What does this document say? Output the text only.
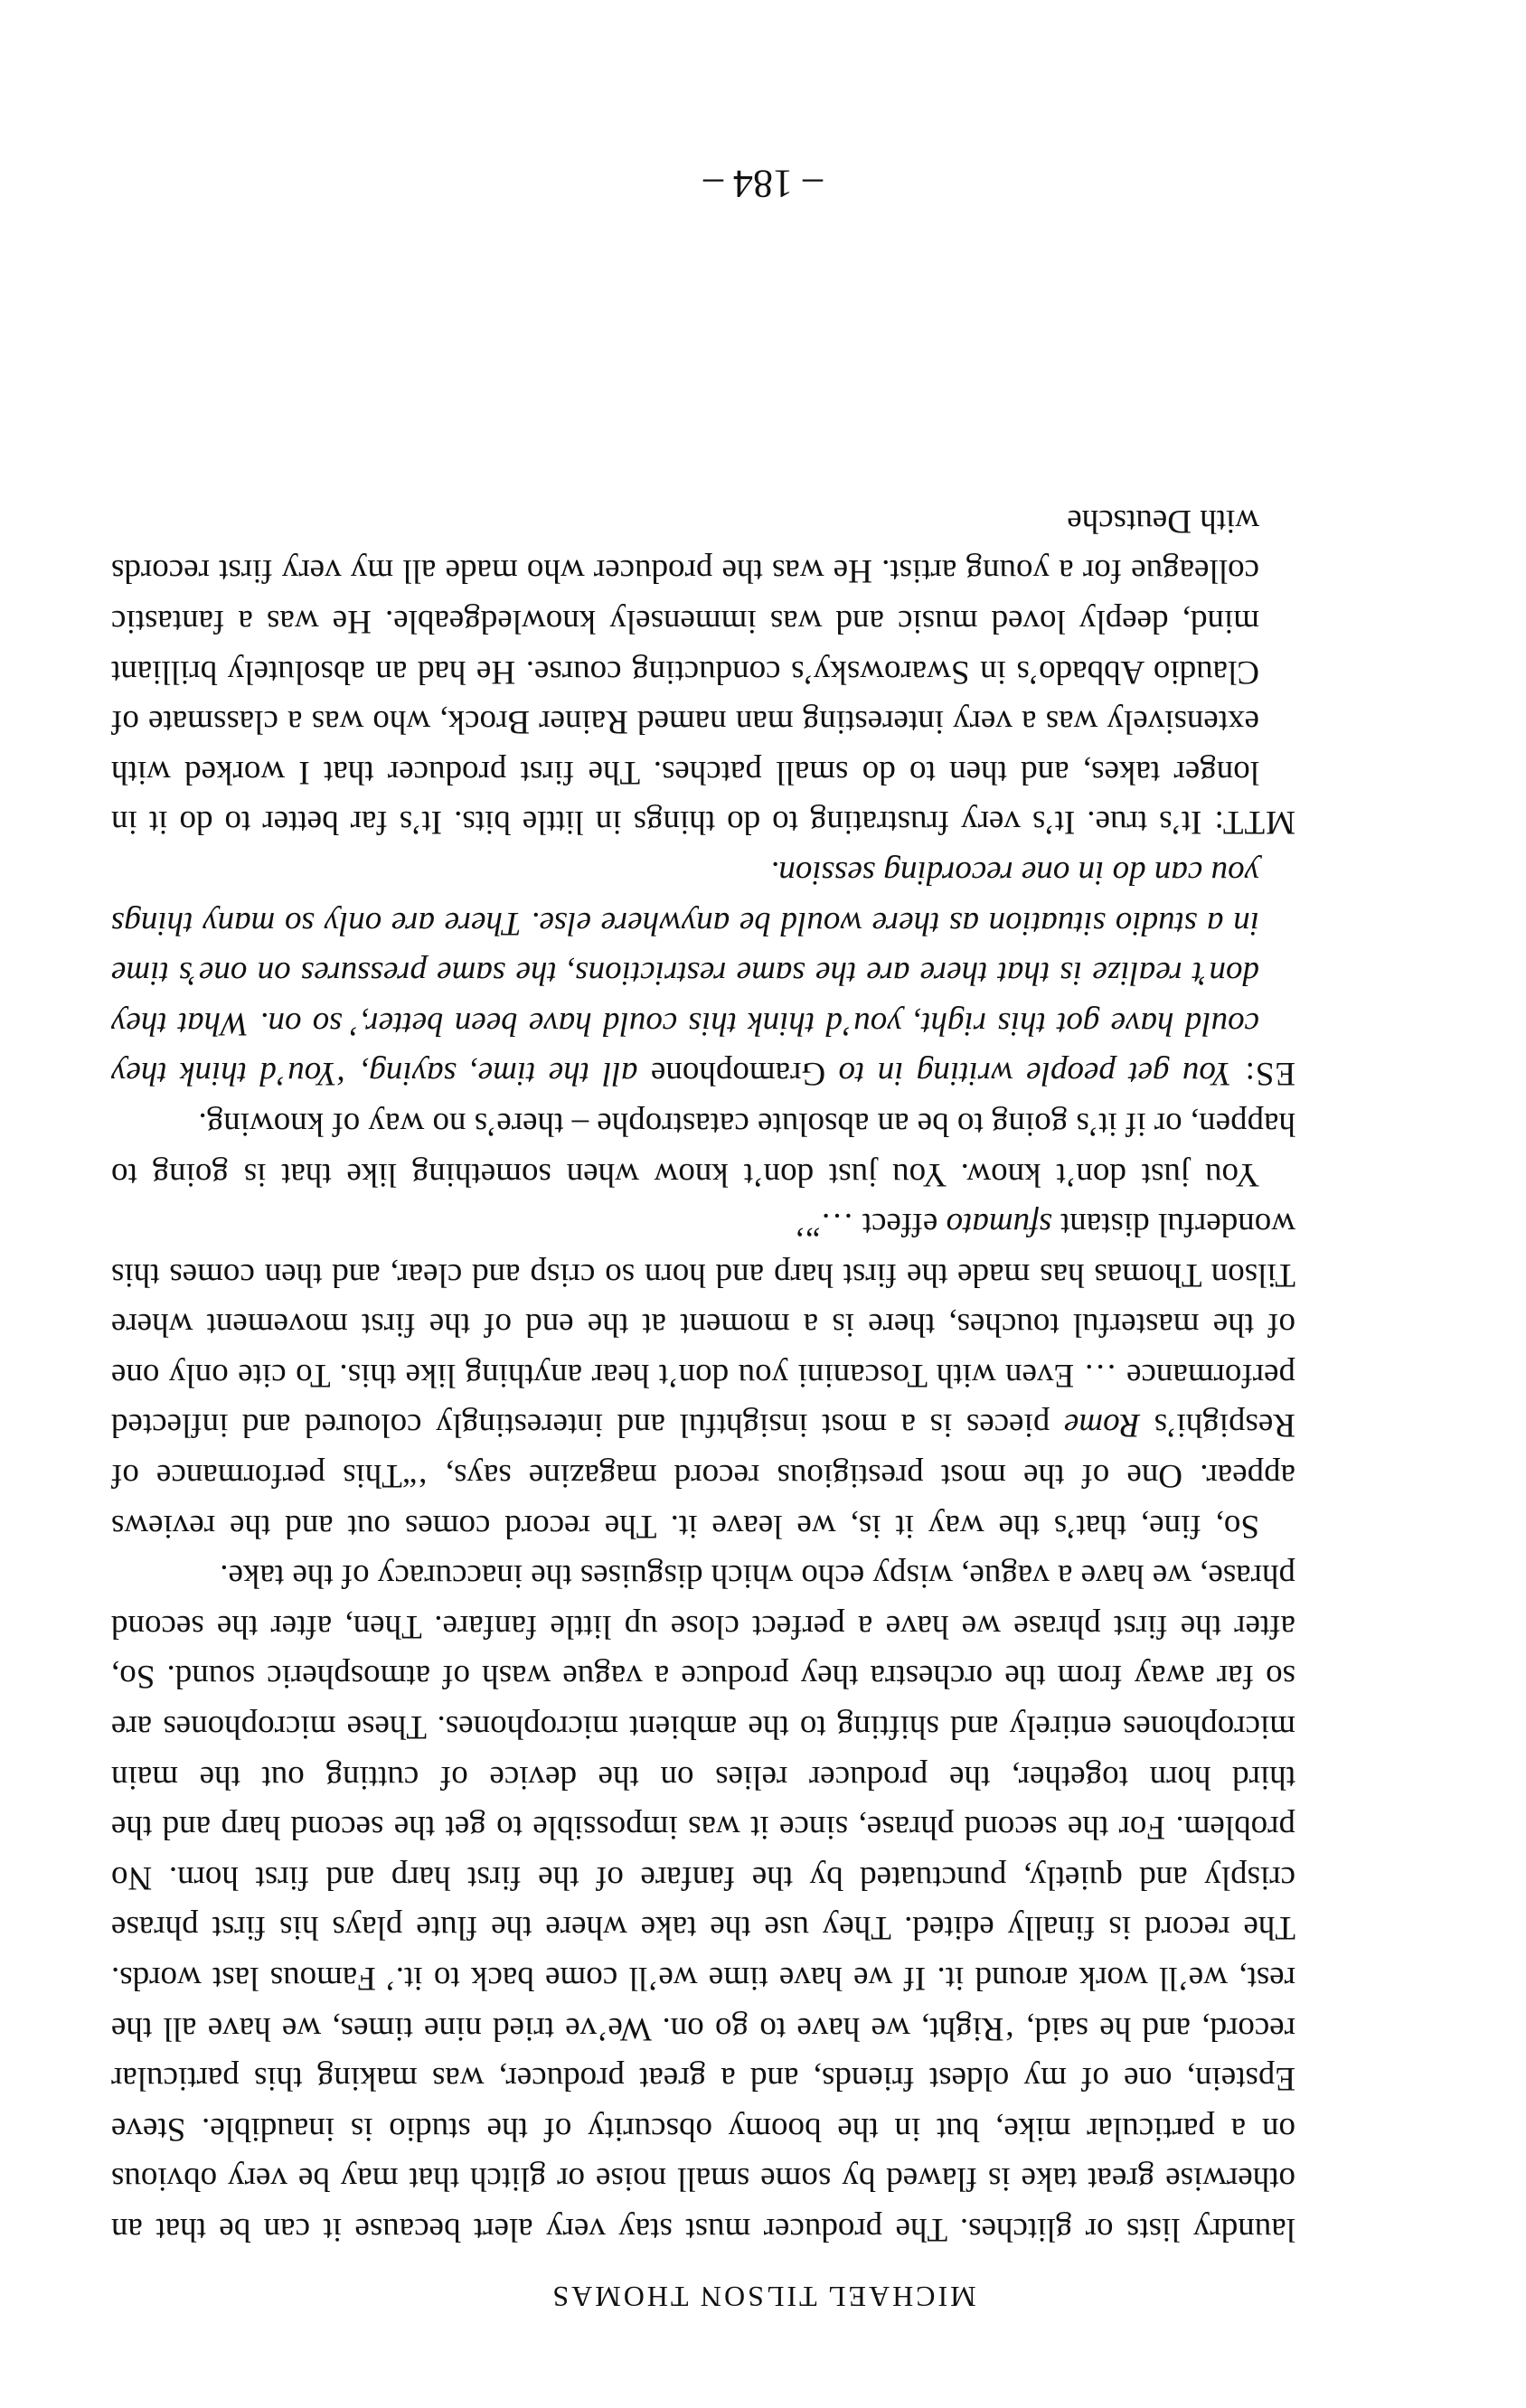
MICHAEL TILSON THOMAS

laundry lists or glitches. The producer must stay very alert because it can be that an otherwise great take is flawed by some small noise or glitch that may be very obvious on a particular mike, but in the boomy obscurity of the studio is inaudible. Steve Epstein, one of my oldest friends, and a great producer, was making this particular record, and he said, ‘Right, we have to go on. We’ve tried nine times, we have all the rest, we’ll work around it. If we have time we’ll come back to it.’ Famous last words. The record is finally edited. They use the take where the flute plays his first phrase crisply and quietly, punctuated by the fanfare of the first harp and first horn. No problem. For the second phrase, since it was impossible to get the second harp and the third horn together, the producer relies on the device of cutting out the main microphones entirely and shifting to the ambient microphones. These microphones are so far away from the orchestra they produce a vague wash of atmospheric sound. So, after the first phrase we have a perfect close up little fanfare. Then, after the second phrase, we have a vague, wispy echo which disguises the inaccuracy of the take.

So, fine, that’s the way it is, we leave it. The record comes out and the reviews appear. One of the most prestigious record magazine says, ‘“This performance of Respighi’s Rome pieces is a most insightful and interestingly coloured and inflected performance … Even with Toscanini you don’t hear anything like this. To cite only one of the masterful touches, there is a moment at the end of the first movement where Tilson Thomas has made the first harp and horn so crisp and clear, and then comes this wonderful distant sfumato effect …”’

You just don’t know. You just don’t know when something like that is going to happen, or if it’s going to be an absolute catastrophe – there’s no way of knowing.

ES: You get people writing in to Gramophone all the time, saying, ‘You’d think they could have got this right, you’d think this could have been better,’ so on. What they don’t realize is that there are the same restrictions, the same pressures on one’s time in a studio situation as there would be anywhere else. There are only so many things you can do in one recording session.

MTT: It’s true. It’s very frustrating to do things in little bits. It’s far better to do it in longer takes, and then to do small patches. The first producer that I worked with extensively was a very interesting man named Rainer Brock, who was a classmate of Claudio Abbado’s in Swarowsky’s conducting course. He had an absolutely brilliant mind, deeply loved music and was immensely knowledgeable. He was a fantastic colleague for a young artist. He was the producer who made all my very first records with Deutsche

– 184 –
